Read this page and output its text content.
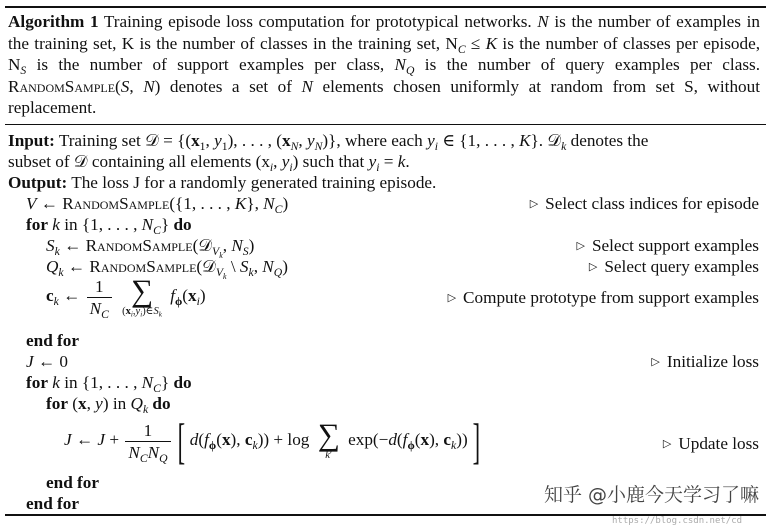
Algorithm 1 Training episode loss computation for prototypical networks. N is the number of examples in the training set, K is the number of classes in the training set, $N_C \le K$ is the number of classes per episode, $N_S$ is the number of support examples per class, $N_Q$ is the number of query examples per class. RandomSample(S, N) denotes a set of N elements chosen uniformly at random from set S, without replacement.

Input: Training set 𝒟 = {($x_1$, $y_1$), . . . , ($x_N$, $y_N$)}, where each $y_i$ ∈ {1, . . . , K}. 𝒟$_k$ denotes the
subset of 𝒟 containing all elements ($x_i$, $y_i$) such that $y_i = k$.
Output: The loss J for a randomly generated training episode.
V ← RandomSample({1, . . . , K}, $N_C$)	▷ Select class indices for episode
for k in {1, . . . , $N_C$} do
$S_k$ ← RandomSample(𝒟$_{V_k}$, $N_S$)	▷ Select support examples
$Q_k$ ← RandomSample(𝒟$_{V_k}$ \ $S_k$, $N_Q$)	▷ Select query examples
$c_k$ ← $\frac{1}{N_C}$
∑
$(x_i,y_i)\in S_k$
$f_\phi(x_i)$	▷ Compute prototype from support examples
end for
J ← 0	▷ Initialize loss
for k in {1, . . . , $N_C$} do
for (x, y) in $Q_k$ do
J ← $J + \frac{1}{N_CN_Q}$ [ $d(f_\phi(x)$, $c_k)) + \log$ ∑
k′
$\exp(-d(f_\phi(x)$, $c_k$)) ]	▷ Update loss
end for
end for	知乎 @小鹿今天学习了嘛
https://blog.csdn.net/cd
